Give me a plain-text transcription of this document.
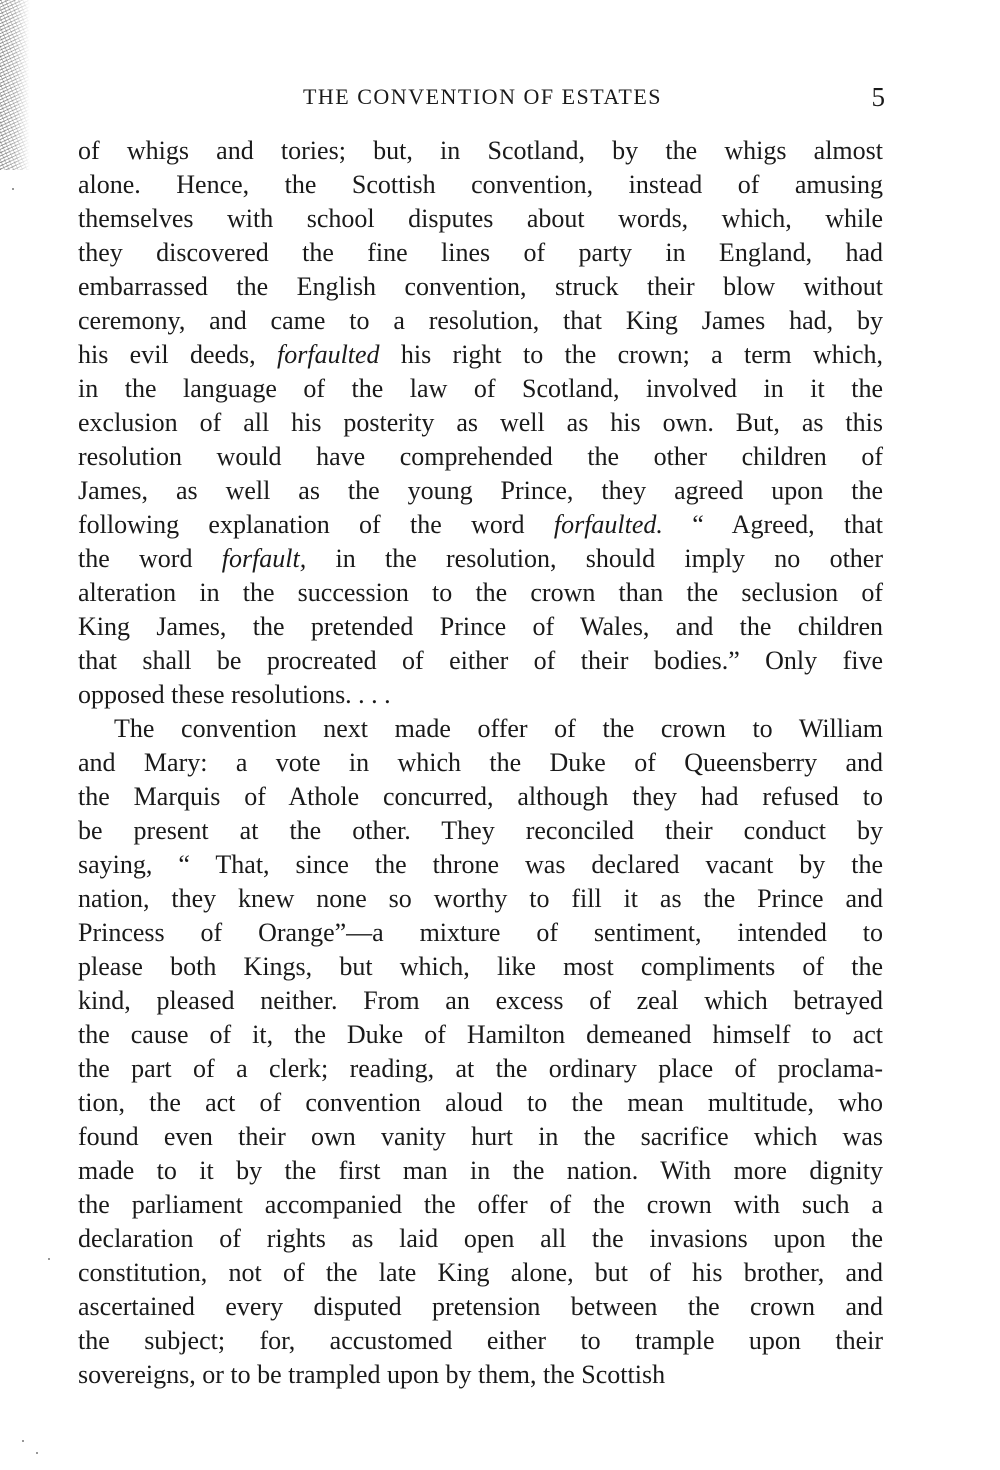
THE CONVENTION OF ESTATES	5
of whigs and tories; but, in Scotland, by the whigs almost
alone. Hence, the Scottish convention, instead of amusing
themselves with school disputes about words, which, while
they discovered the fine lines of party in England, had
embarrassed the English convention, struck their blow without
ceremony, and came to a resolution, that King James had, by
his evil deeds, forfaulted his right to the crown; a term which,
in the language of the law of Scotland, involved in it the
exclusion of all his posterity as well as his own. But, as this
resolution would have comprehended the other children of
James, as well as the young Prince, they agreed upon the
following explanation of the word forfaulted. “ Agreed, that
the word forfault, in the resolution, should imply no other
alteration in the succession to the crown than the seclusion of
King James, the pretended Prince of Wales, and the children
that shall be procreated of either of their bodies.” Only five
opposed these resolutions. . . .
The convention next made offer of the crown to William
and Mary: a vote in which the Duke of Queensberry and
the Marquis of Athole concurred, although they had refused to
be present at the other. They reconciled their conduct by
saying, “ That, since the throne was declared vacant by the
nation, they knew none so worthy to fill it as the Prince and
Princess of Orange”—a mixture of sentiment, intended to
please both Kings, but which, like most compliments of the
kind, pleased neither. From an excess of zeal which betrayed
the cause of it, the Duke of Hamilton demeaned himself to act
the part of a clerk; reading, at the ordinary place of proclama-
tion, the act of convention aloud to the mean multitude, who
found even their own vanity hurt in the sacrifice which was
made to it by the first man in the nation. With more dignity
the parliament accompanied the offer of the crown with such a
declaration of rights as laid open all the invasions upon the
constitution, not of the late King alone, but of his brother, and
ascertained every disputed pretension between the crown and
the subject; for, accustomed either to trample upon their
sovereigns, or to be trampled upon by them, the Scottish
